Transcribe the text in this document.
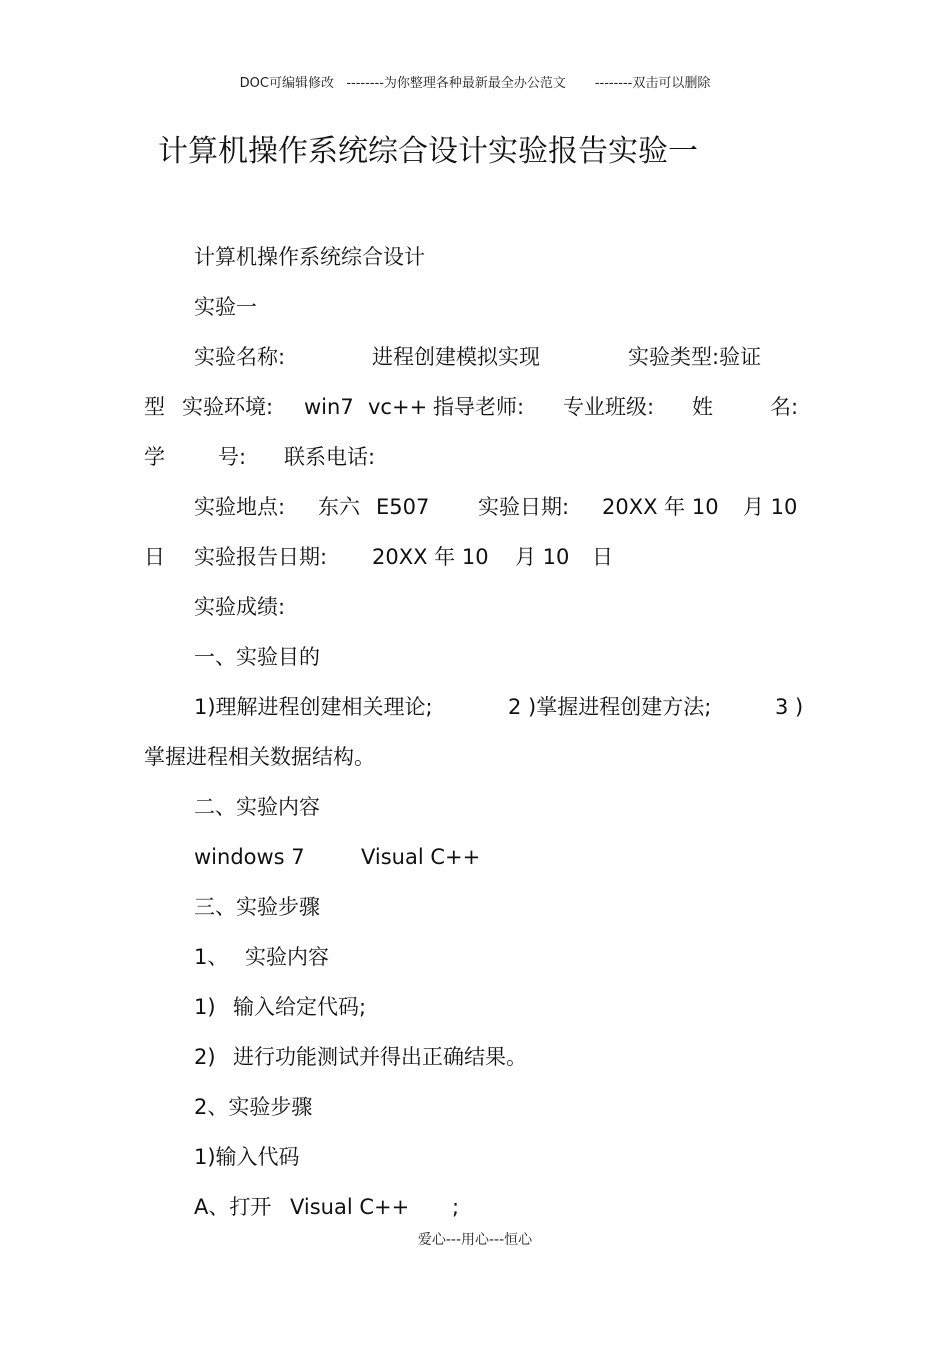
DOC可编辑修改 --------为你整理各种最新最全办公范文 --------双击可以删除
计算机操作系统综合设计实验报告实验一
计算机操作系统综合设计
实验一
实验名称:	进程创建模拟实现	实验类型:验证
型 实验环境: win7 vc++ 指导老师: 专业班级: 姓	名:
学	号: 联系电话:
实验地点: 东六 E507 实验日期: 20XX 年 10 月 10
日 实验报告日期: 20XX 年 10 月 10 日
实验成绩:
一、实验目的
1)理解进程创建相关理论;	2 )掌握进程创建方法;	3 )
掌握进程相关数据结构。
二、实验内容
windows 7	Visual C++
三、实验步骤
1、 实验内容
1) 输入给定代码;
2) 进行功能测试并得出正确结果。
2、实验步骤
1)输入代码
A、打开 Visual C++ ;
爱心---用心---恒心
